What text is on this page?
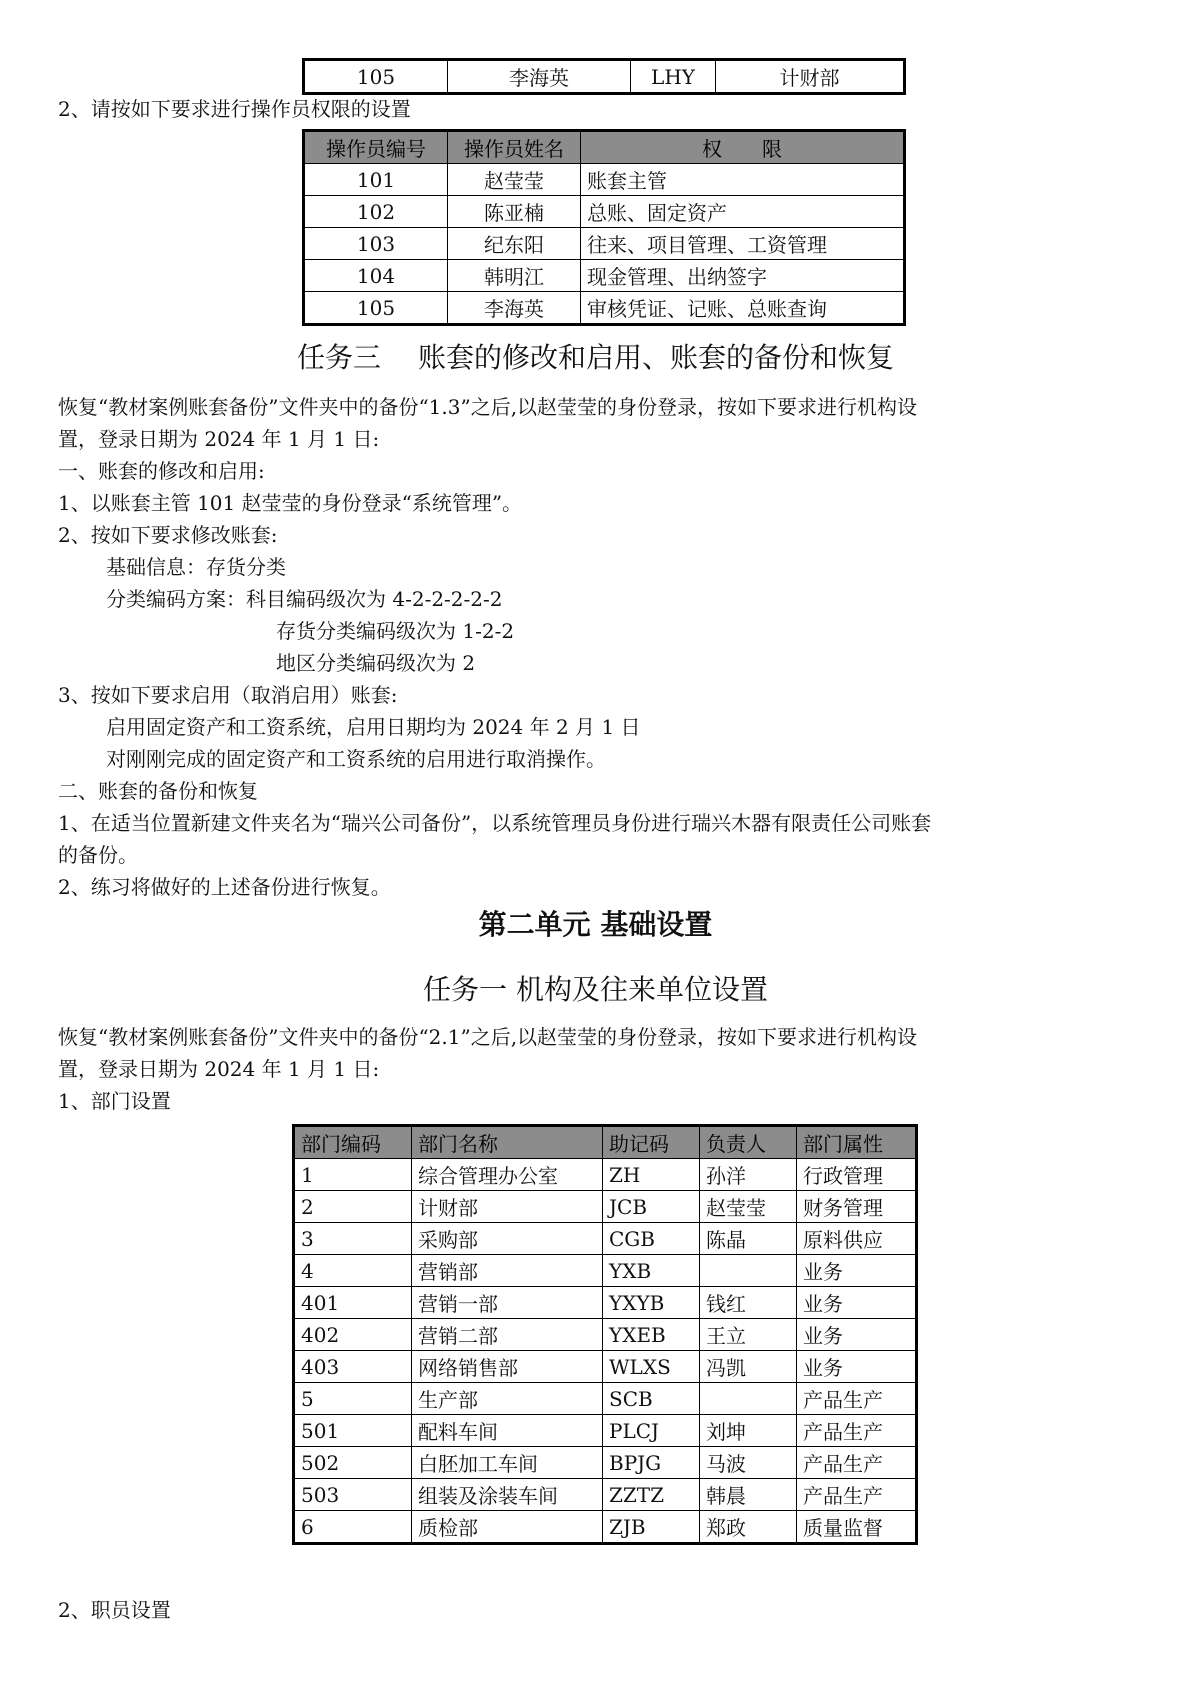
105	李海英	LHY	计财部
2、请按如下要求进行操作员权限的设置
操作员编号	操作员姓名	权　　限
101	赵莹莹	账套主管
102	陈亚楠	总账、固定资产
103	纪东阳	往来、项目管理、工资管理
104	韩明江	现金管理、出纳签字
105	李海英	审核凭证、记账、总账查询
任务三　 账套的修改和启用、账套的备份和恢复
恢复“教材案例账套备份”文件夹中的备份“1.3”之后,以赵莹莹的身份登录，按如下要求进行机构设
置，登录日期为 2024 年 1 月 1 日:
一、账套的修改和启用:
1、以账套主管 101 赵莹莹的身份登录“系统管理”。
2、按如下要求修改账套:
基础信息：存货分类
分类编码方案：科目编码级次为 4-2-2-2-2-2
存货分类编码级次为 1-2-2
地区分类编码级次为 2
3、按如下要求启用（取消启用）账套:
启用固定资产和工资系统，启用日期均为 2024 年 2 月 1 日
对刚刚完成的固定资产和工资系统的启用进行取消操作。
二、账套的备份和恢复
1、在适当位置新建文件夹名为“瑞兴公司备份”，以系统管理员身份进行瑞兴木器有限责任公司账套
的备份。
2、练习将做好的上述备份进行恢复。
第二单元 基础设置
任务一 机构及往来单位设置
恢复“教材案例账套备份”文件夹中的备份“2.1”之后,以赵莹莹的身份登录，按如下要求进行机构设
置，登录日期为 2024 年 1 月 1 日:
1、部门设置
部门编码	部门名称	助记码	负责人	部门属性
1	综合管理办公室	ZH	孙洋	行政管理
2	计财部	JCB	赵莹莹	财务管理
3	采购部	CGB	陈晶	原料供应
4	营销部	YXB		业务
401	营销一部	YXYB	钱红	业务
402	营销二部	YXEB	王立	业务
403	网络销售部	WLXS	冯凯	业务
5	生产部	SCB		产品生产
501	配料车间	PLCJ	刘坤	产品生产
502	白胚加工车间	BPJG	马波	产品生产
503	组装及涂装车间	ZZTZ	韩晨	产品生产
6	质检部	ZJB	郑政	质量监督
2、职员设置
